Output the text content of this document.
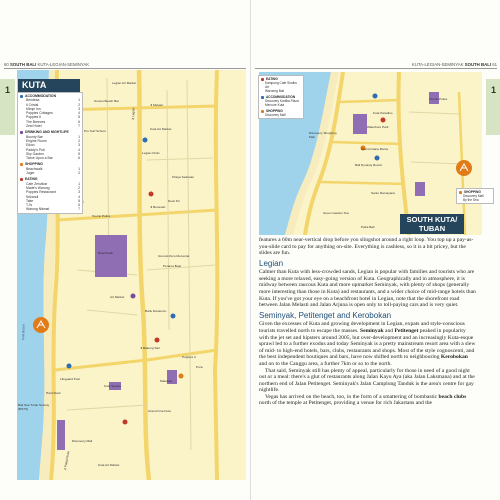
60 SOUTH BALI KUTA-LEGIAN-SEMINYAK
1	KUTA
ACCOMMODATION
Bendesa	1
Il Cristal	2
Mimpi Inn	3
Poppies Cottages	4
Poppies II	5
The Breezes	6
Zest Hotel	7
DRINKING AND NIGHTLIFE
Bounty Bar	1
Engine Room	2
Eikon	3
Paddy's Pub	4
Sky Garden	5
Twice Upon a Bar	6
SHOPPING
Beachwalk	1
Joger	2
EATING
Cafe Zenzibar	1
Made's Warung	2
Poppies Restaurant	3
Srikandi	4
Take	5
TJ's	6
Warung Nikmat	7
Legian Art Market
Sunset Beach Bar
Pro Surf School
Legian Clinic
Khaya Sedanan
Dewi Sri
Tourist Police
Beachwalk
Ground Zero Memorial
Perama Boat
Art Market
Bank Danamon
Lifeguard Post
Hard Rock
Bali Sea Turtle Society (BSTS)
Kuta Square
Poppies II
Pura
Matahari
Grand Inna Kuta
Discovery Mall
Kuta Art Market
Kuta Art Market
Jl Legian
Jl Pantai Kuta
Jl Melasti
Jl Benesari
Jl Bakung Sari
Kuta Beach
KUTA-LEGIAN-SEMINYAK SOUTH BALI 61
1
EATING
Kampung Cafe Sindhu Art
Waroeng Bali
ACCOMMODATION
Discovery Kartika Plaza
Mercure Kuta
SHOPPING
Discovery Mall
SHOPPING
Discovery Mall
By the Sea
Tourist Police
Discovery Shopping Mall
Kuta Paradiso
Bali Dynasty Resort
Waterbom Park
Grand Istana Rama
Green Garden Tea
Santo Ramayana
Patra Bali
SOUTH KUTA/
TUBAN

features a 60m near-vertical drop before you slingshot around a right loop. You top up a pay-as-you-slide card to pay for anything on-site. Everything is cashless, so it is a bit pricey, but the slides are fun.

Legian

Calmer than Kuta with less-crowded sands, Legian is popular with families and tourists who are seeking a more relaxed, easy-going version of Kuta. Geographically and in atmosphere, it is midway between raucous Kuta and more upmarket Seminyak, with plenty of shops (generally more interesting than those in Kuta) and restaurants, and a wider choice of mid-range hotels than Kuta. If you've got your eye on a beachfront hotel in Legian, note that the shorefront road between Jalan Melasti and Jalan Arjuna is open only to toll-paying cars and is very quiet.

Seminyak, Petitenget and Kerobokan

Given the excesses of Kuta and growing development in Legian, expats and style-conscious tourists travelled north to escape the masses. Seminyak and Petitenget peaked in popularity with the jet set and hipsters around 2005, but over-development and an increasingly Kuta-esque sprawl led to a further exodus and today Seminyak is a pretty mainstream resort area with a slew of mid- to high-end hotels, bars, clubs, restaurants and shops. Most of the style cognoscenti, and the best independent boutiques and bars, have now shifted north to neighbouring Kerobokan and on to the Canggu area, a further 7km or so to the north.

That said, Seminyak still has plenty of appeal, particularly for those in need of a good night out or a meal: there's a glut of restaurants along Jalan Kayu Aya (aka Jalan Laksmana) and at the northern end of Jalan Petitenget. Seminyak's Jalan Camplung Tanduk is the area's centre for gay nightlife.

Vegas has arrived on the beach, too, in the form of a smattering of bombastic beach clubs north of the temple at Petitenget, providing a venue for rich Jakartans and the
